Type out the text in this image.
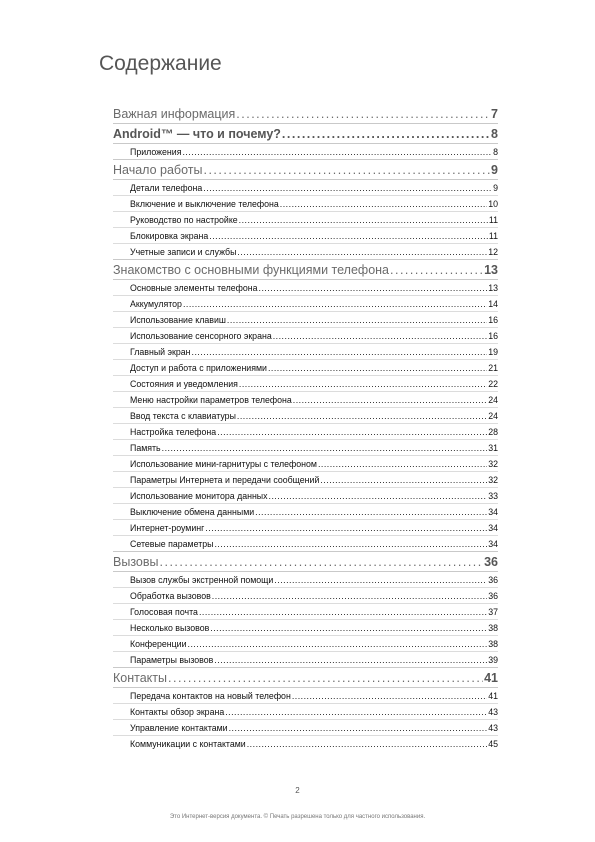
Содержание
Важная информация .....	7
Android™ — что и почему? .....	8
Приложения .....	8
Начало работы .....	9
Детали телефона .....	9
Включение и выключение телефона .....	10
Руководство по настройке .....	11
Блокировка экрана .....	11
Учетные записи и службы .....	12
Знакомство с основными функциями телефона .....	13
Основные элементы телефона .....	13
Аккумулятор .....	14
Использование клавиш .....	16
Использование сенсорного экрана .....	16
Главный экран .....	19
Доступ и работа с приложениями .....	21
Состояния и уведомления .....	22
Меню настройки параметров телефона .....	24
Ввод текста с клавиатуры .....	24
Настройка телефона .....	28
Память .....	31
Использование мини-гарнитуры с телефоном .....	32
Параметры Интернета и передачи сообщений .....	32
Использование монитора данных .....	33
Выключение обмена данными .....	34
Интернет-роуминг .....	34
Сетевые параметры .....	34
Вызовы .....	36
Вызов службы экстренной помощи .....	36
Обработка вызовов .....	36
Голосовая почта .....	37
Несколько вызовов .....	38
Конференции .....	38
Параметры вызовов .....	39
Контакты .....	41
Передача контактов на новый телефон .....	41
Контакты обзор экрана .....	43
Управление контактами .....	43
Коммуникации с контактами .....	45
2
Это Интернет-версия документа. © Печать разрешена только для частного использования.
